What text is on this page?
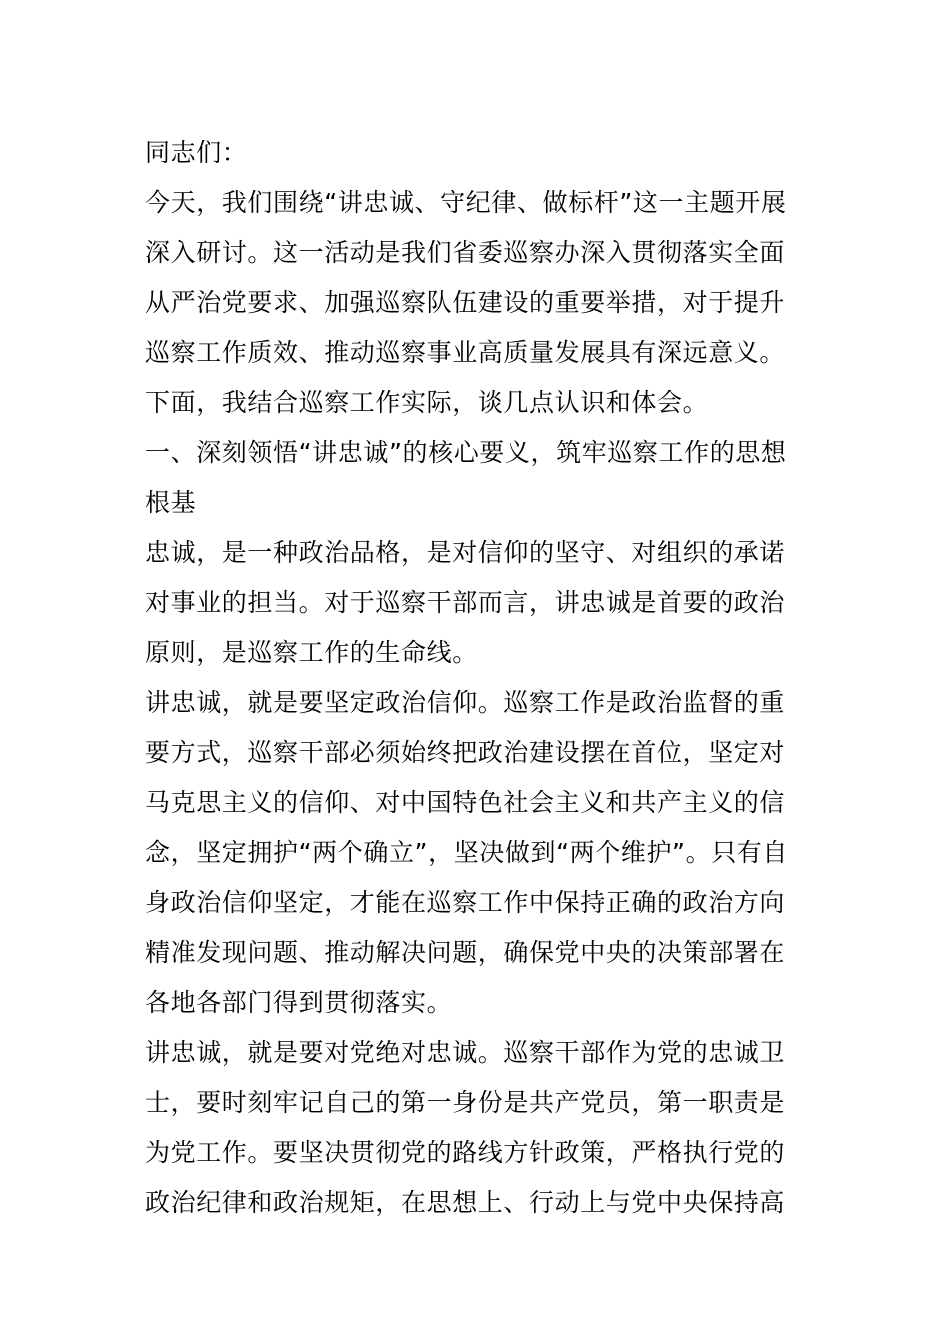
同志们：
今天，我们围绕“讲忠诚、守纪律、做标杆”这一主题开展
深入研讨。这一活动是我们省委巡察办深入贯彻落实全面
从严治党要求、加强巡察队伍建设的重要举措，对于提升
巡察工作质效、推动巡察事业高质量发展具有深远意义。
下面，我结合巡察工作实际，谈几点认识和体会。
一、深刻领悟“讲忠诚”的核心要义，筑牢巡察工作的思想
根基
忠诚，是一种政治品格，是对信仰的坚守、对组织的承诺
对事业的担当。对于巡察干部而言，讲忠诚是首要的政治
原则，是巡察工作的生命线。
讲忠诚，就是要坚定政治信仰。巡察工作是政治监督的重
要方式，巡察干部必须始终把政治建设摆在首位，坚定对
马克思主义的信仰、对中国特色社会主义和共产主义的信
念，坚定拥护“两个确立”，坚决做到“两个维护”。只有自
身政治信仰坚定，才能在巡察工作中保持正确的政治方向
精准发现问题、推动解决问题，确保党中央的决策部署在
各地各部门得到贯彻落实。
讲忠诚，就是要对党绝对忠诚。巡察干部作为党的忠诚卫
士，要时刻牢记自己的第一身份是共产党员，第一职责是
为党工作。要坚决贯彻党的路线方针政策，严格执行党的
政治纪律和政治规矩，在思想上、行动上与党中央保持高
